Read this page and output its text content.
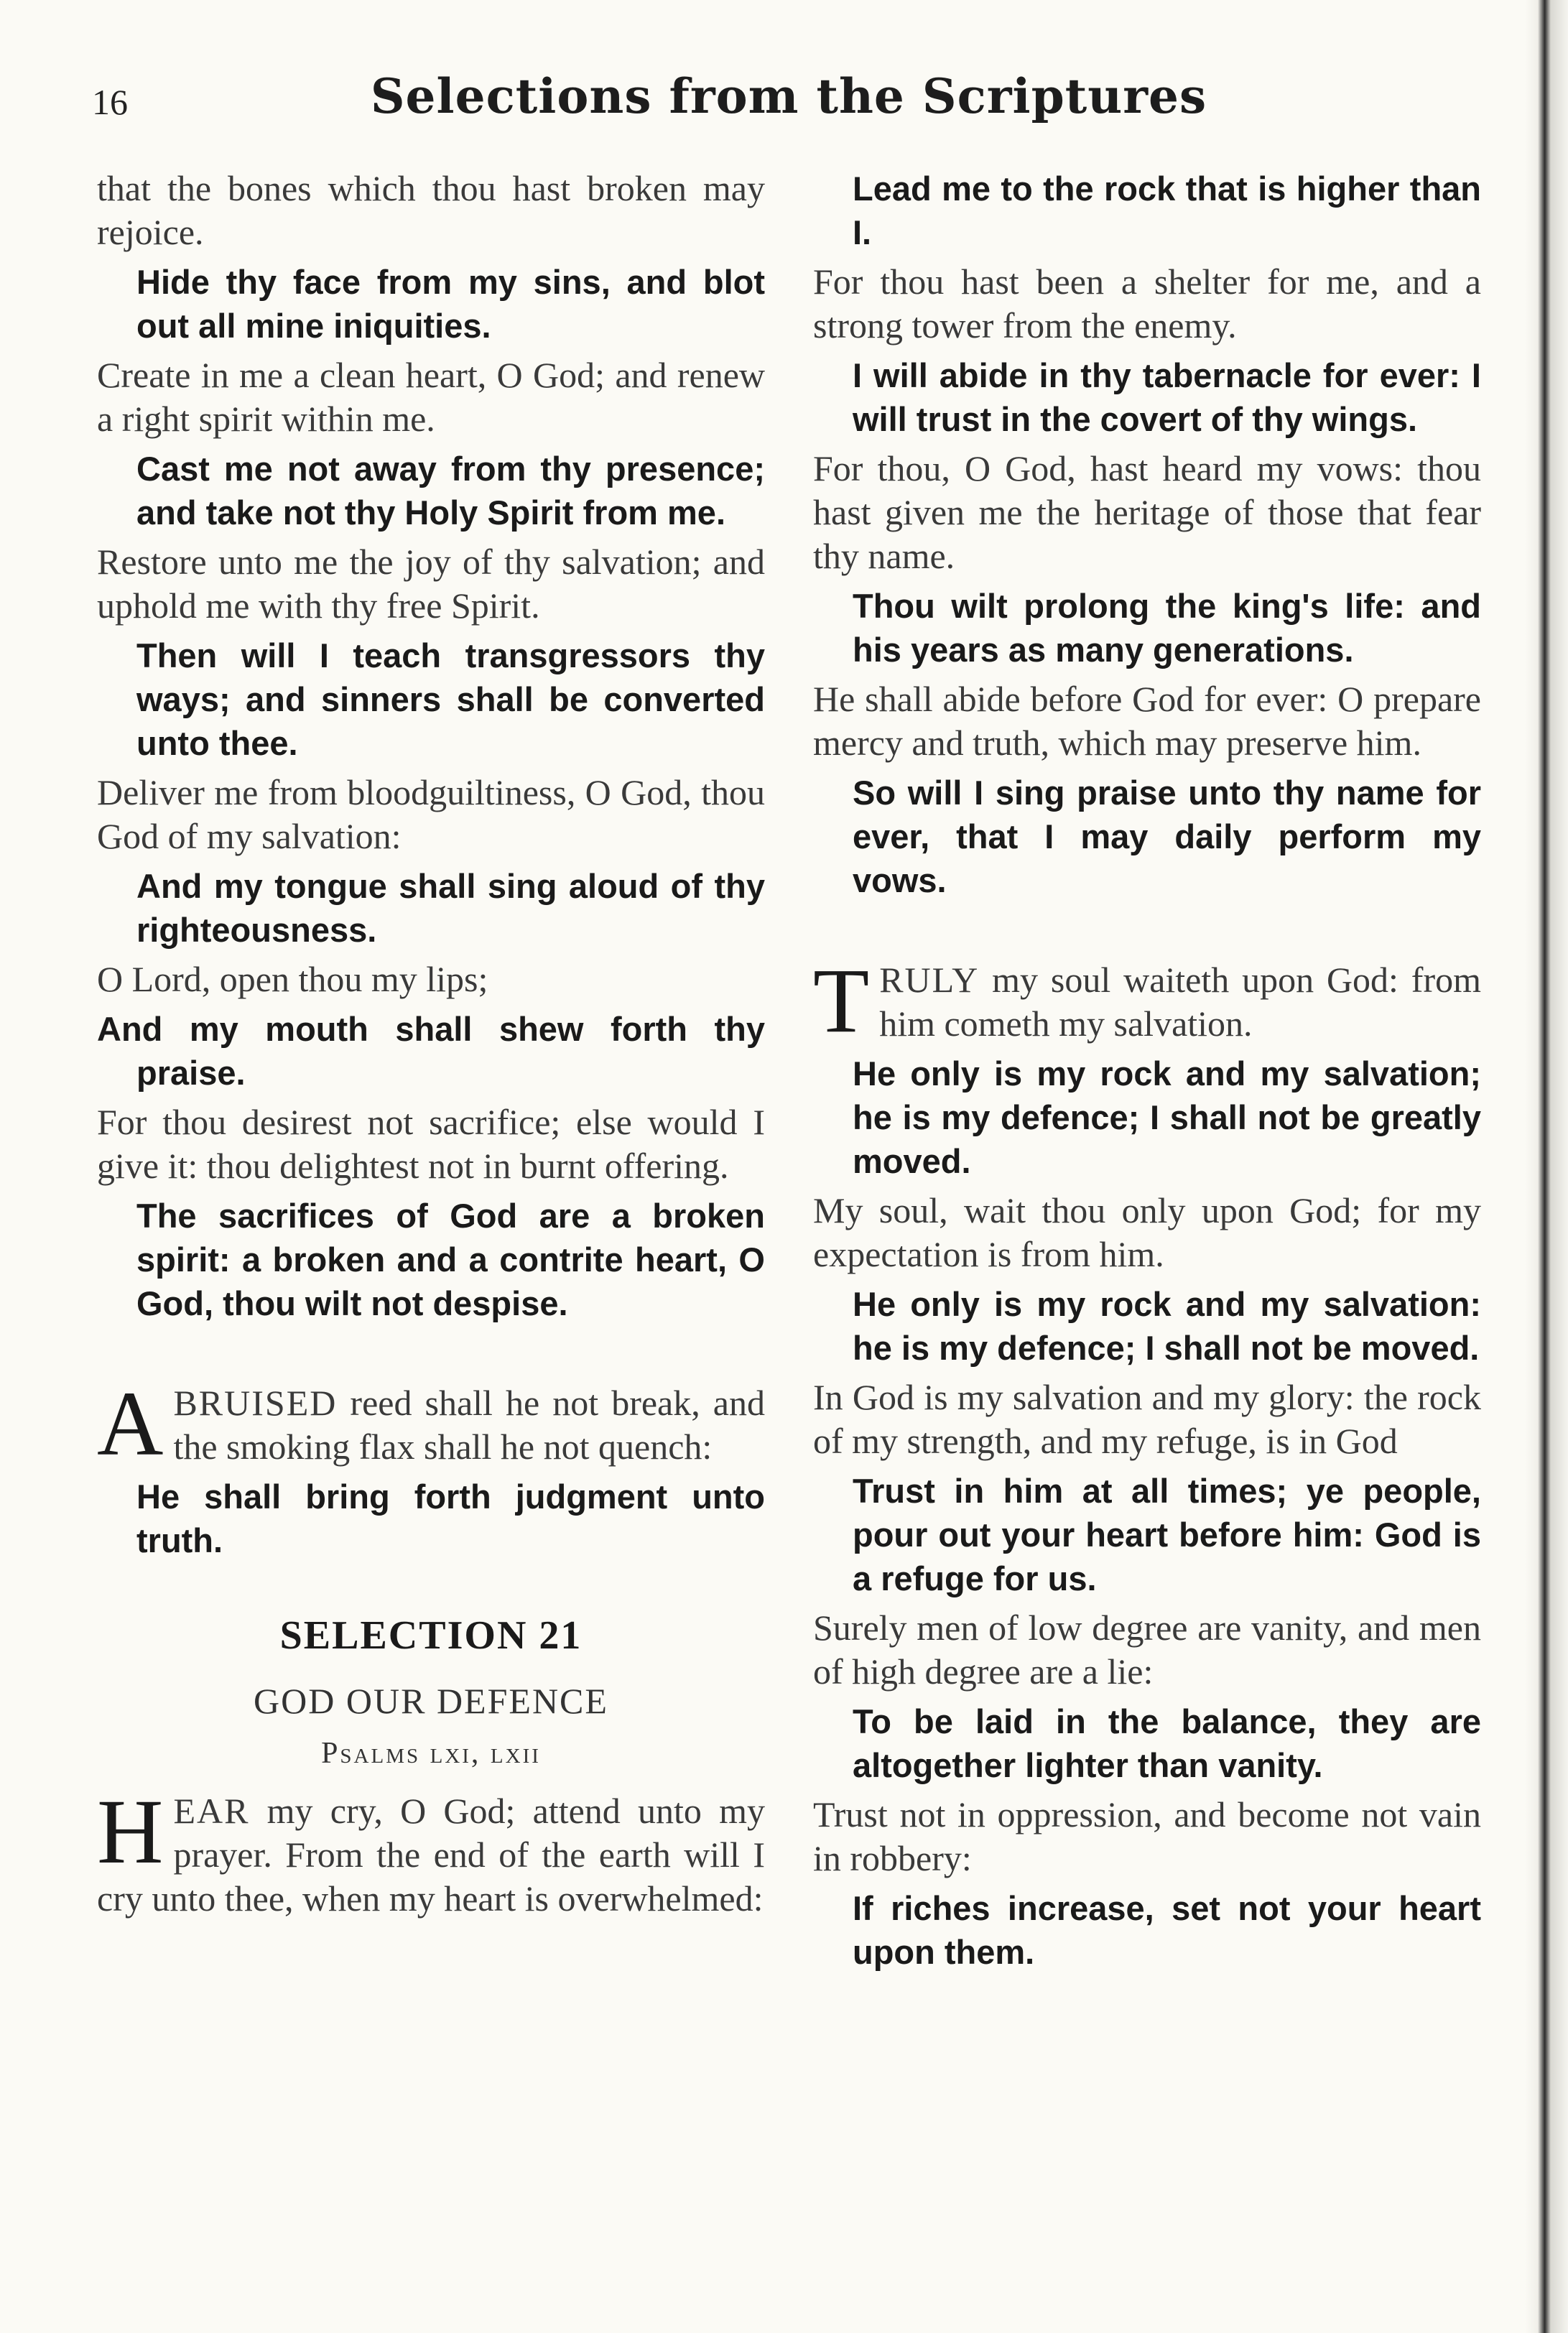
16	Selections from the Scriptures

that the bones which thou hast broken may rejoice.

Hide thy face from my sins, and blot out all mine iniquities.

Create in me a clean heart, O God; and renew a right spirit within me.

Cast me not away from thy presence; and take not thy Holy Spirit from me.

Restore unto me the joy of thy salvation; and uphold me with thy free Spirit.

Then will I teach transgressors thy ways; and sinners shall be converted unto thee.

Deliver me from bloodguiltiness, O God, thou God of my salvation:

And my tongue shall sing aloud of thy righteousness.

O Lord, open thou my lips;

And my mouth shall shew forth thy praise.

For thou desirest not sacrifice; else would I give it: thou delightest not in burnt offering.

The sacrifices of God are a broken spirit: a broken and a contrite heart, O God, thou wilt not despise.

ABRUISED reed shall he not break, and the smoking flax shall he not quench:

He shall bring forth judgment unto truth.

SELECTION 21
GOD OUR DEFENCE
Psalms lxi, lxii

HEAR my cry, O God; attend unto my prayer. From the end of the earth will I cry unto thee, when my heart is overwhelmed:

Lead me to the rock that is higher than I.

For thou hast been a shelter for me, and a strong tower from the enemy.

I will abide in thy tabernacle for ever: I will trust in the covert of thy wings.

For thou, O God, hast heard my vows: thou hast given me the heritage of those that fear thy name.

Thou wilt prolong the king's life: and his years as many generations.

He shall abide before God for ever: O prepare mercy and truth, which may preserve him.

So will I sing praise unto thy name for ever, that I may daily perform my vows.

TRULY my soul waiteth upon God: from him cometh my salvation.

He only is my rock and my salvation; he is my defence; I shall not be greatly moved.

My soul, wait thou only upon God; for my expectation is from him.

He only is my rock and my salvation: he is my defence; I shall not be moved.

In God is my salvation and my glory: the rock of my strength, and my refuge, is in God

Trust in him at all times; ye people, pour out your heart before him: God is a refuge for us.

Surely men of low degree are vanity, and men of high degree are a lie:

To be laid in the balance, they are altogether lighter than vanity.

Trust not in oppression, and become not vain in robbery:

If riches increase, set not your heart upon them.
